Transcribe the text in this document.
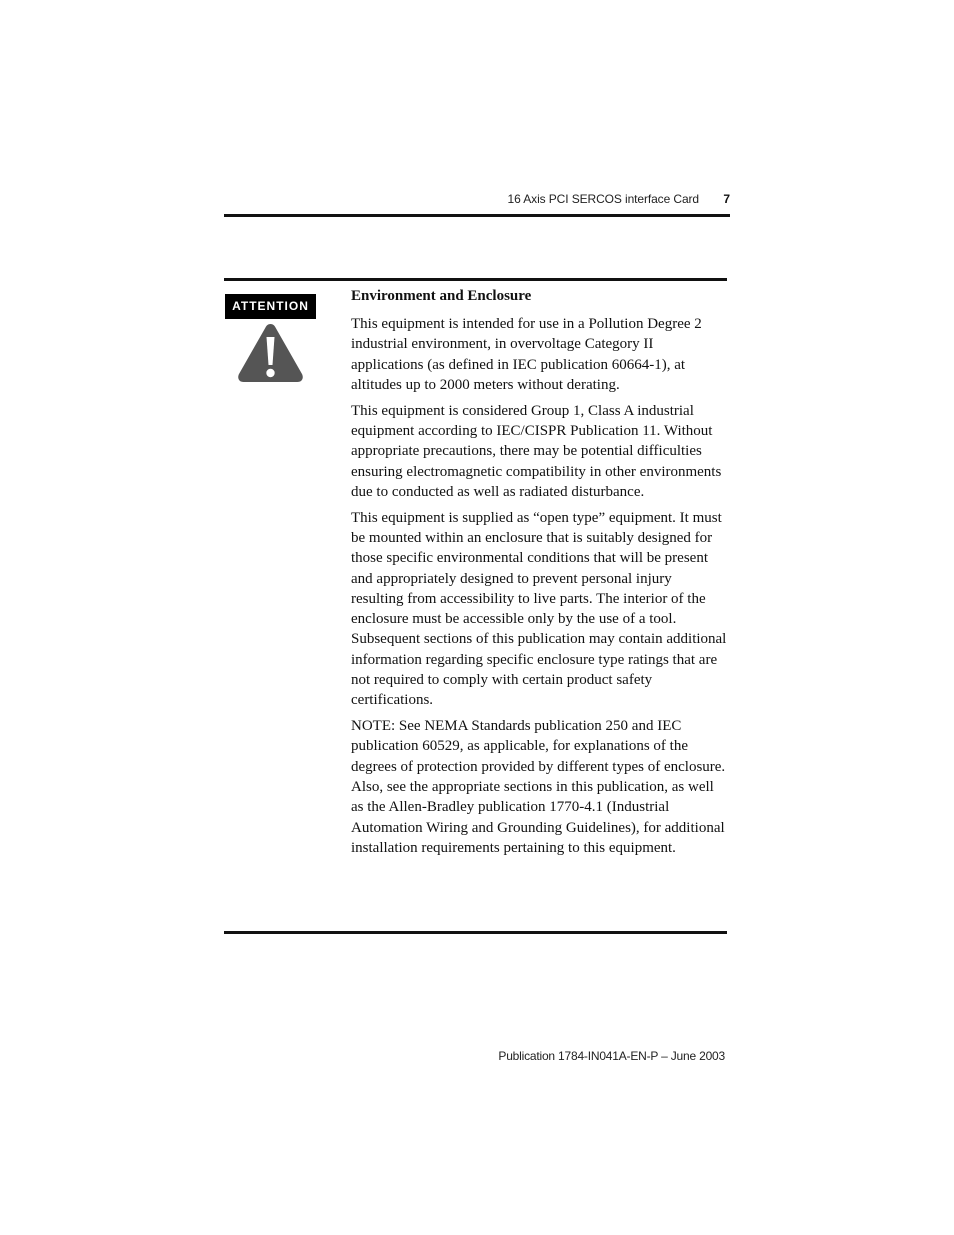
16 Axis PCI SERCOS interface Card	7
ATTENTION
Environment and Enclosure

This equipment is intended for use in a Pollution Degree 2 industrial environment, in overvoltage Category II applications (as defined in IEC publication 60664-1), at altitudes up to 2000 meters without derating.

This equipment is considered Group 1, Class A industrial equipment according to IEC/CISPR Publication 11. Without appropriate precautions, there may be potential difficulties ensuring electromagnetic compatibility in other environments due to conducted as well as radiated disturbance.

This equipment is supplied as “open type” equipment. It must be mounted within an enclosure that is suitably designed for those specific environmental conditions that will be present and appropriately designed to prevent personal injury resulting from accessibility to live parts. The interior of the enclosure must be accessible only by the use of a tool. Subsequent sections of this publication may contain additional information regarding specific enclosure type ratings that are not required to comply with certain product safety certifications.

NOTE: See NEMA Standards publication 250 and IEC publication 60529, as applicable, for explanations of the degrees of protection provided by different types of enclosure. Also, see the appropriate sections in this publication, as well as the Allen-Bradley publication 1770-4.1 (Industrial Automation Wiring and Grounding Guidelines), for additional installation requirements pertaining to this equipment.

Publication 1784-IN041A-EN-P – June 2003
